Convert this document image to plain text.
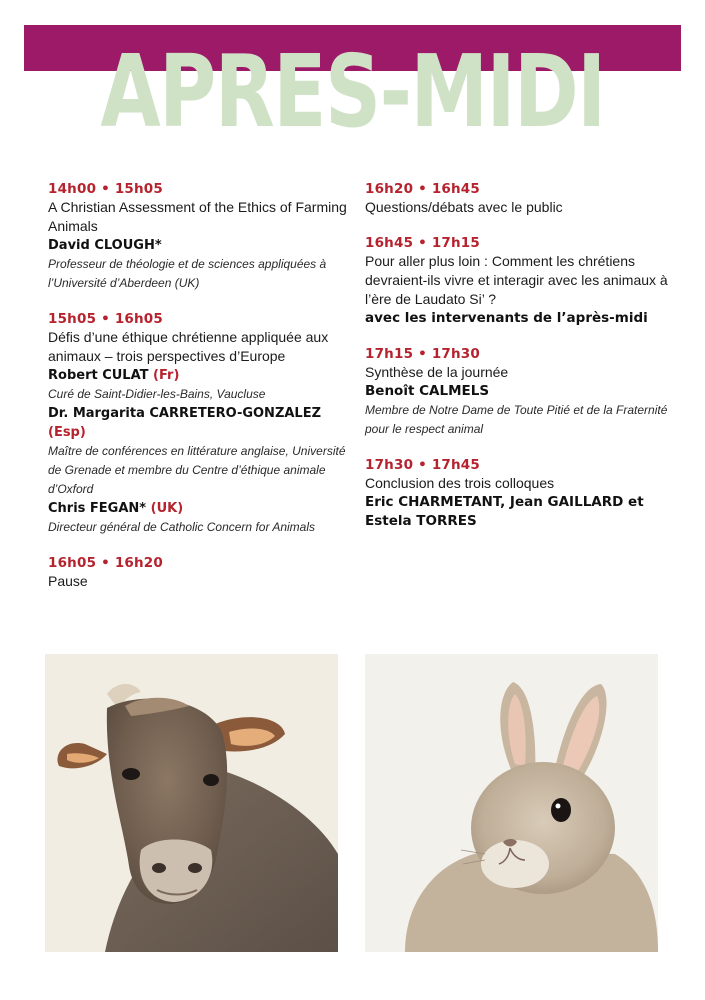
APRES-MIDI
14h00 • 15h05
A Christian Assessment of the Ethics of Farming Animals
David CLOUGH*
Professeur de théologie et de sciences appliquées à l’Université d’Aberdeen (UK)
15h05 • 16h05
Défis d’une éthique chrétienne appliquée aux animaux – trois perspectives d’Europe
Robert CULAT (Fr)
Curé de Saint-Didier-les-Bains, Vaucluse
Dr. Margarita CARRETERO-GONZALEZ (Esp)
Maître de conférences en littérature anglaise, Université de Grenade et membre du Centre d’éthique animale d’Oxford
Chris FEGAN* (UK)
Directeur général de Catholic Concern for Animals
16h05 • 16h20
Pause
16h20 • 16h45
Questions/débats avec le public
16h45 • 17h15
Pour aller plus loin : Comment les chrétiens devraient-ils vivre et interagir avec les animaux à l’ère de Laudato Si’ ?
avec les intervenants de l’après-midi
17h15 • 17h30
Synthèse de la journée
Benoît CALMELS
Membre de Notre Dame de Toute Pitié et de la Fraternité pour le respect animal
17h30 • 17h45
Conclusion des trois colloques
Eric CHARMETANT, Jean GAILLARD et Estela TORRES
